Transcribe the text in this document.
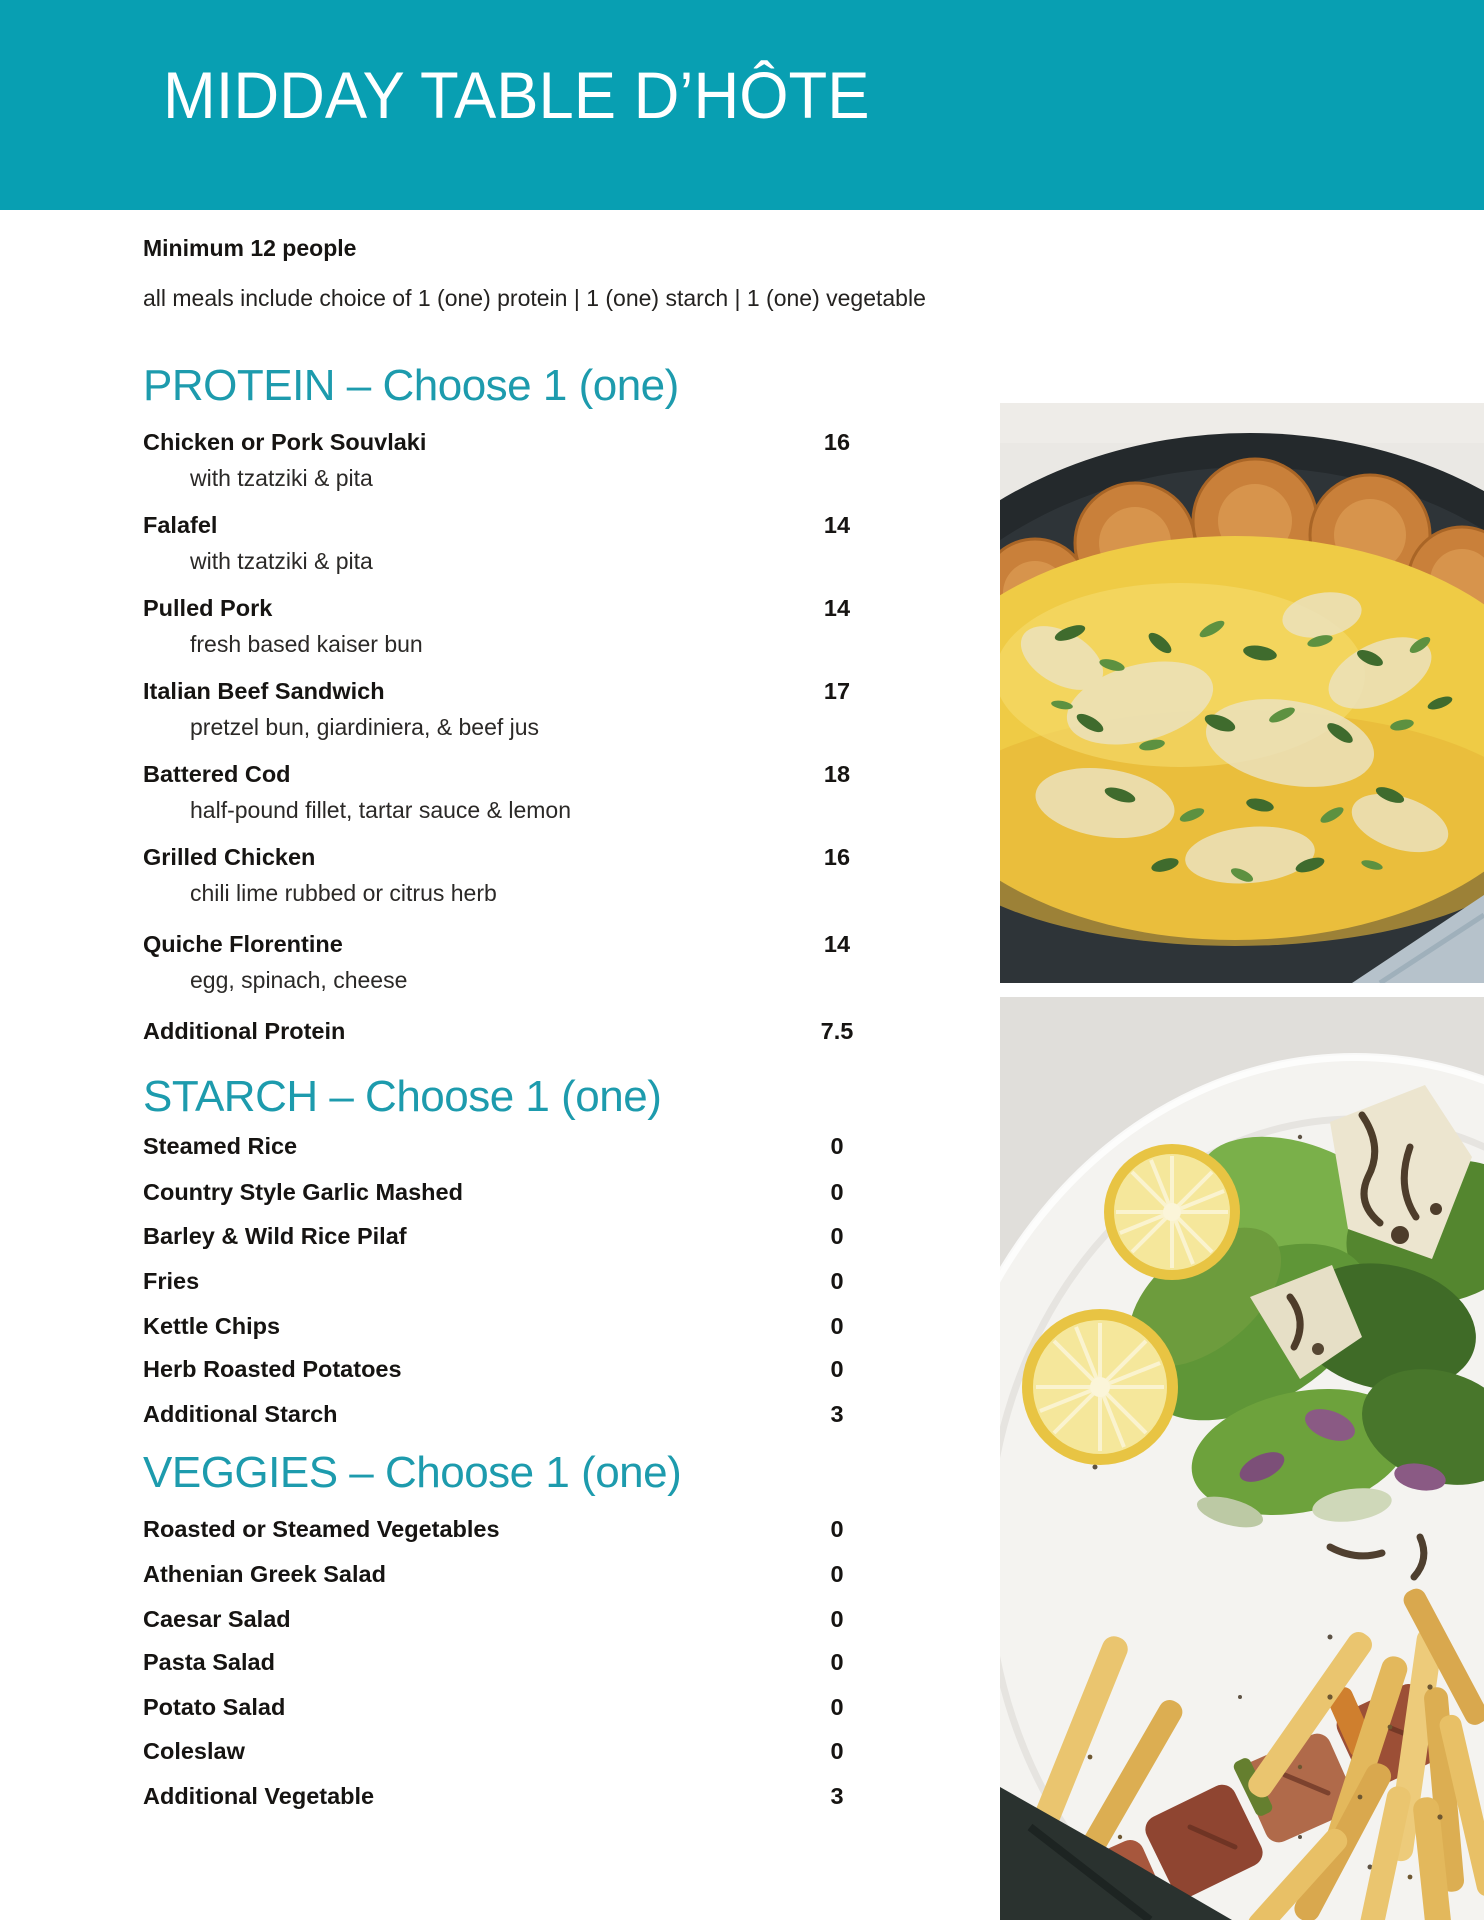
MIDDAY TABLE D’HÔTE
Minimum 12 people
all meals include choice of 1 (one) protein | 1 (one) starch | 1 (one) vegetable
PROTEIN – Choose 1 (one)
Chicken or Pork Souvlaki	16
with tzatziki & pita
Falafel	14
with tzatziki & pita
Pulled Pork	14
fresh based kaiser bun
Italian Beef Sandwich	17
pretzel bun, giardiniera, & beef jus
Battered Cod	18
half-pound fillet, tartar sauce & lemon
Grilled Chicken	16
chili lime rubbed or citrus herb
Quiche Florentine	14
egg, spinach, cheese
Additional Protein	7.5
STARCH – Choose 1 (one)
Steamed Rice	0
Country Style Garlic Mashed	0
Barley & Wild Rice Pilaf	0
Fries	0
Kettle Chips	0
Herb Roasted Potatoes	0
Additional Starch	3
VEGGIES – Choose 1 (one)
Roasted or Steamed Vegetables	0
Athenian Greek Salad	0
Caesar Salad	0
Pasta Salad	0
Potato Salad	0
Coleslaw	0
Additional Vegetable	3
